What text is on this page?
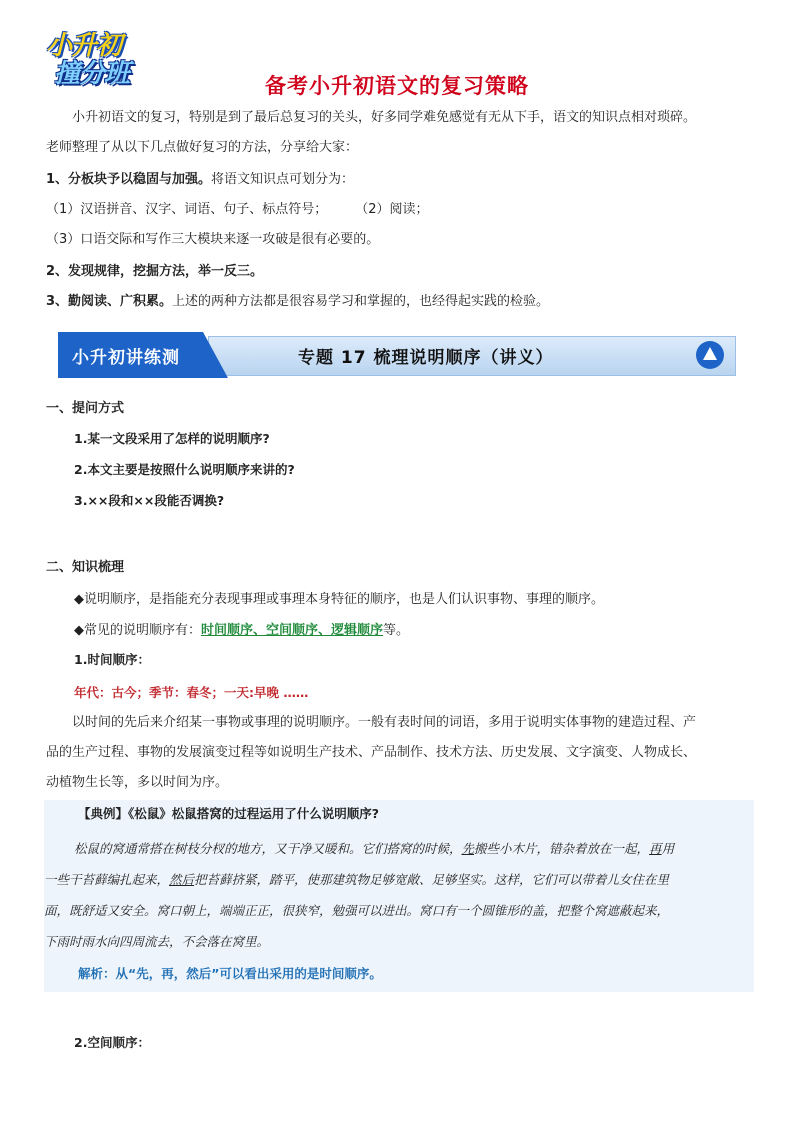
小升初
撞分班	备考小升初语文的复习策略
小升初语文的复习，特别是到了最后总复习的关头，好多同学难免感觉有无从下手，语文的知识点相对琐碎。
老师整理了从以下几点做好复习的方法，分享给大家：
1、分板块予以稳固与加强。将语文知识点可划分为：
（1）汉语拼音、汉字、词语、句子、标点符号； （2）阅读；
（3）口语交际和写作三大模块来逐一攻破是很有必要的。
2、发现规律，挖掘方法，举一反三。
3、勤阅读、广积累。上述的两种方法都是很容易学习和掌握的，也经得起实践的检验。
小升初讲练测	专题 17 梳理说明顺序（讲义）
一、提问方式
1.某一文段采用了怎样的说明顺序?
2.本文主要是按照什么说明顺序来讲的?
3.××段和××段能否调换?
二、知识梳理
◆说明顺序，是指能充分表现事理或事理本身特征的顺序，也是人们认识事物、事理的顺序。
◆常见的说明顺序有：时间顺序、空间顺序、逻辑顺序等。
1.时间顺序：
年代：古今；季节：春冬；一天:早晚 ……
以时间的先后来介绍某一事物或事理的说明顺序。一般有表时间的词语，多用于说明实体事物的建造过程、产
品的生产过程、事物的发展演变过程等如说明生产技术、产品制作、技术方法、历史发展、文字演变、人物成长、
动植物生长等，多以时间为序。
【典例】《松鼠》松鼠搭窝的过程运用了什么说明顺序?
松鼠的窝通常搭在树枝分杈的地方，又干净又暖和。它们搭窝的时候，先搬些小木片，错杂着放在一起，再用
一些干苔藓编扎起来，然后把苔藓挤紧，踏平，使那建筑物足够宽敞、足够坚实。这样，它们可以带着儿女住在里
面，既舒适又安全。窝口朝上，端端正正，很狭窄，勉强可以进出。窝口有一个圆锥形的盖，把整个窝遮蔽起来，
下雨时雨水向四周流去，不会落在窝里。
解析：从“先，再，然后”可以看出采用的是时间顺序。
2.空间顺序：
